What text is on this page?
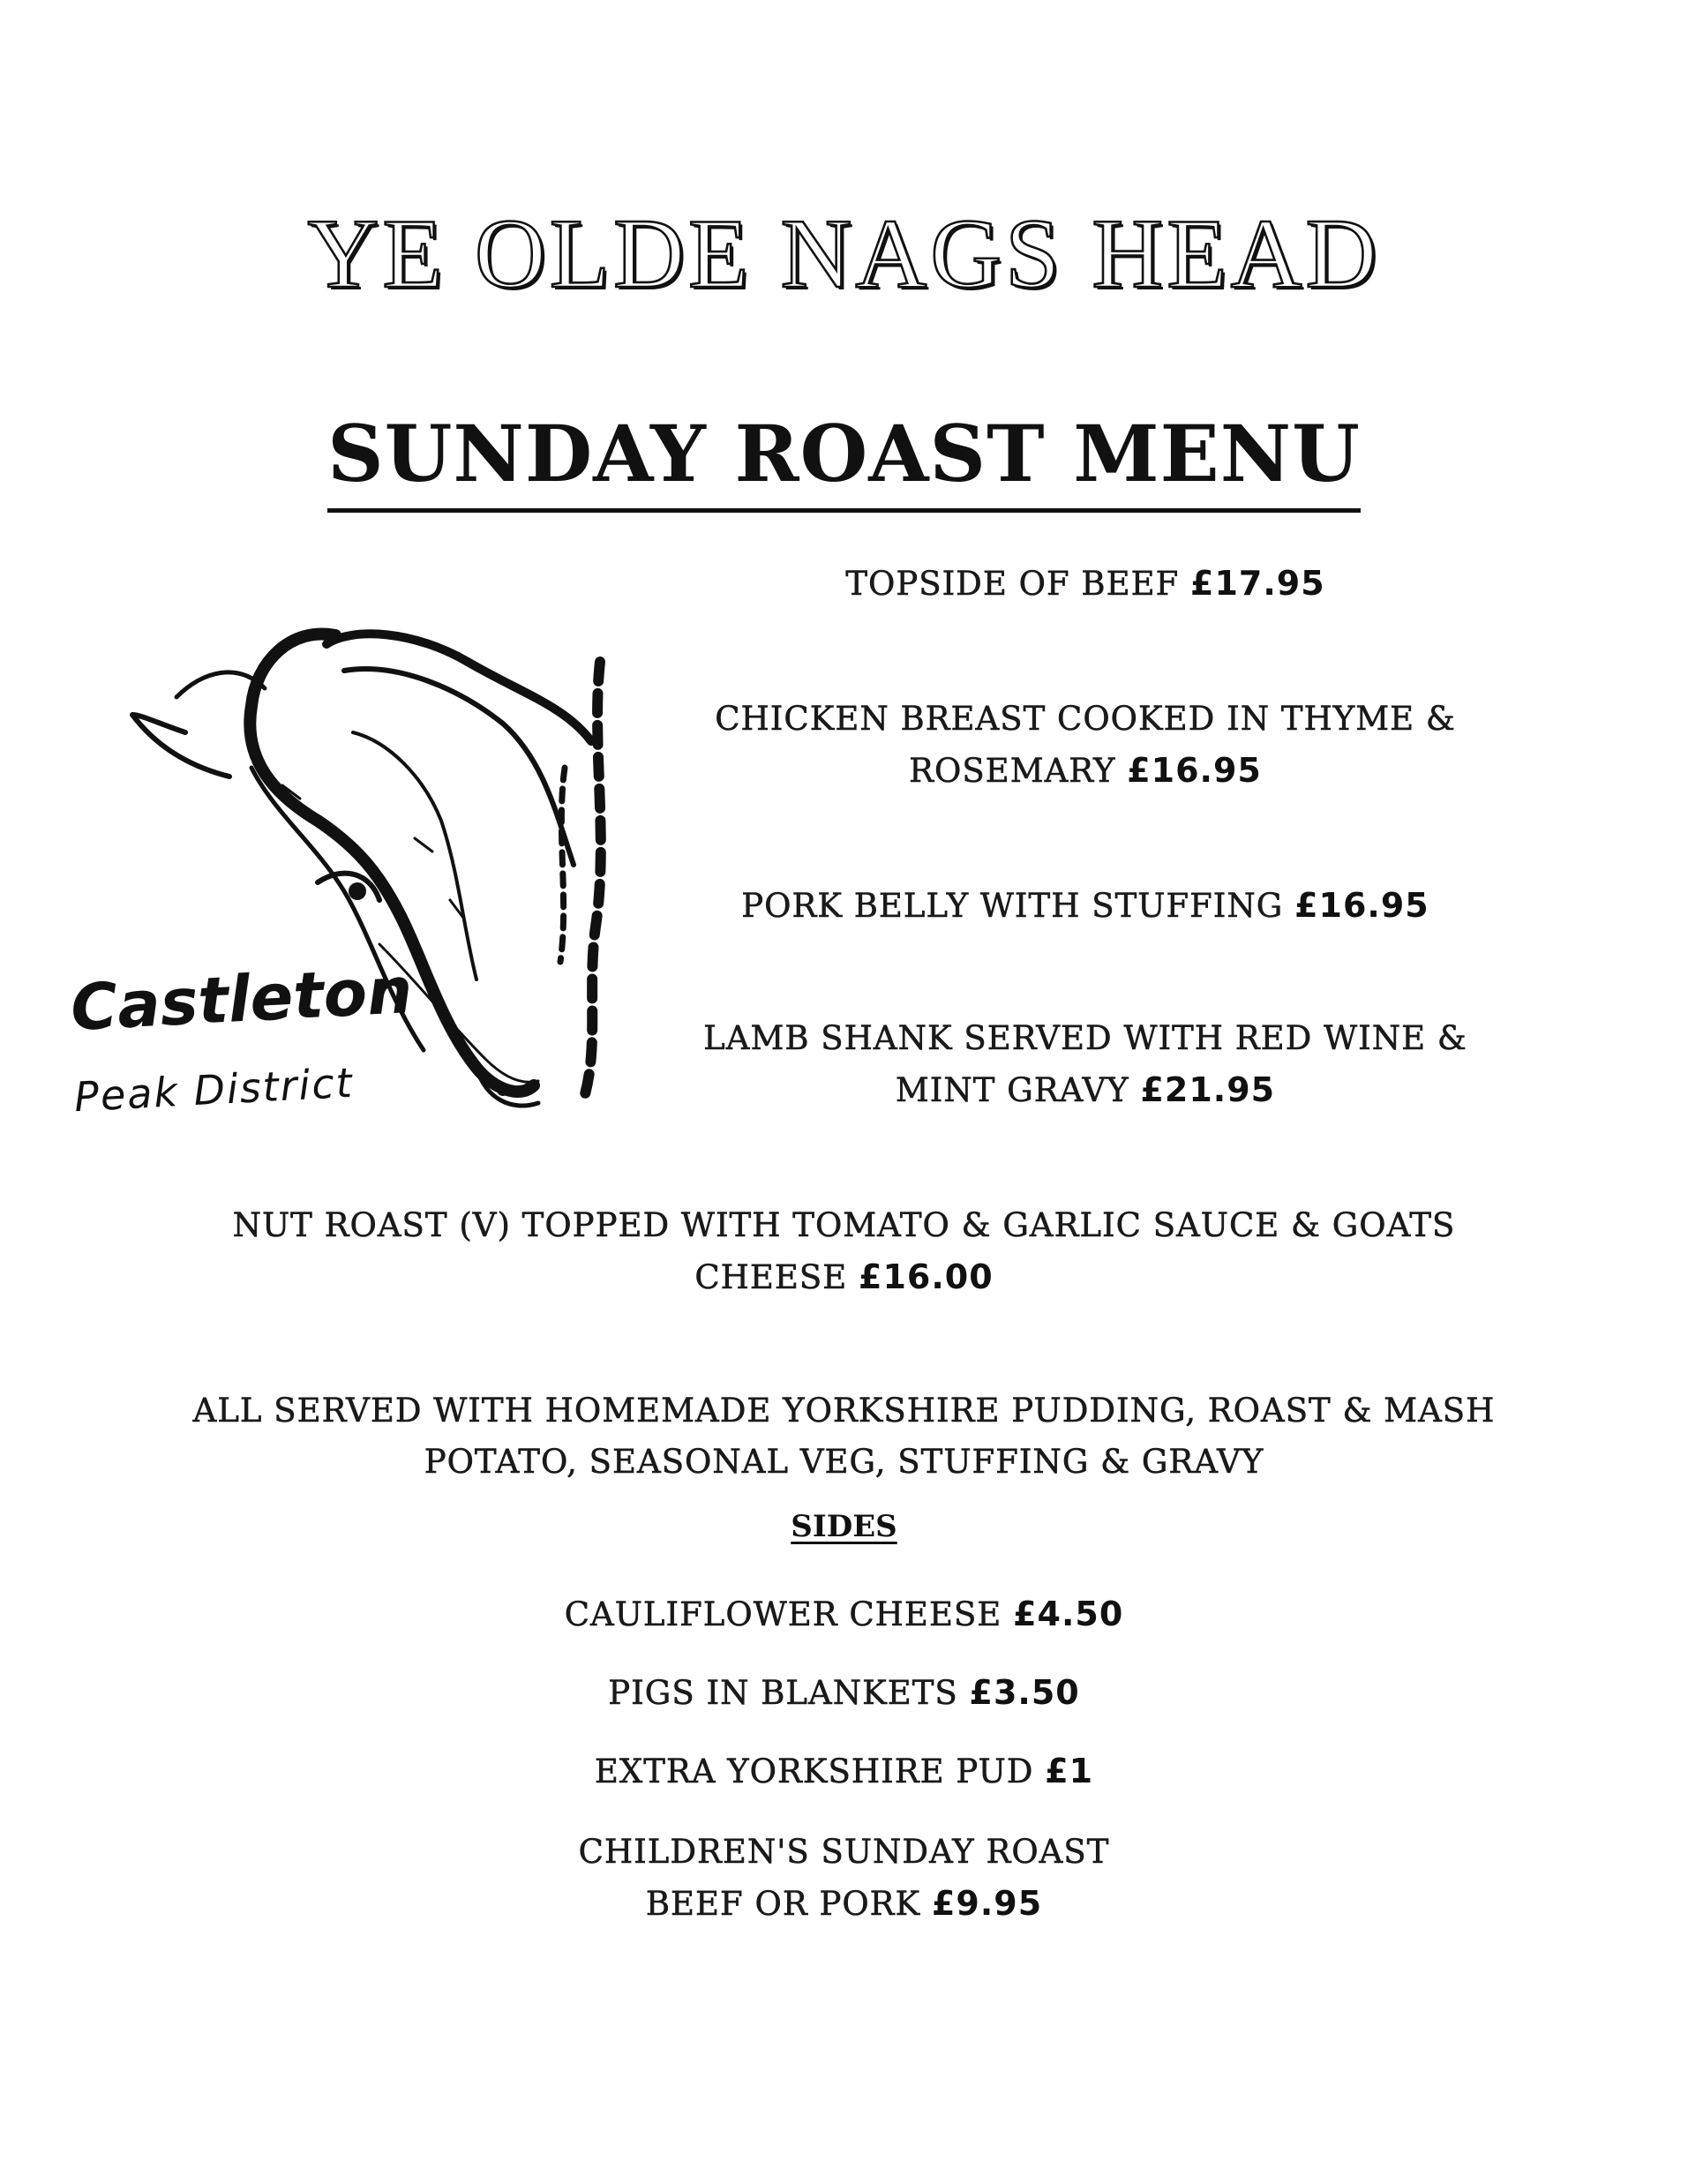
YE OLDE NAGS HEAD
SUNDAY ROAST MENU
Castleton
Peak District
TOPSIDE OF BEEF £17.95
CHICKEN BREAST COOKED IN THYME &
ROSEMARY £16.95
PORK BELLY WITH STUFFING £16.95
LAMB SHANK SERVED WITH RED WINE &
MINT GRAVY £21.95
NUT ROAST (V) TOPPED WITH TOMATO & GARLIC SAUCE & GOATS
CHEESE £16.00
ALL SERVED WITH HOMEMADE YORKSHIRE PUDDING, ROAST & MASH
POTATO, SEASONAL VEG, STUFFING & GRAVY
SIDES
CAULIFLOWER CHEESE £4.50
PIGS IN BLANKETS £3.50
EXTRA YORKSHIRE PUD £1
CHILDREN'S SUNDAY ROAST
BEEF OR PORK £9.95
